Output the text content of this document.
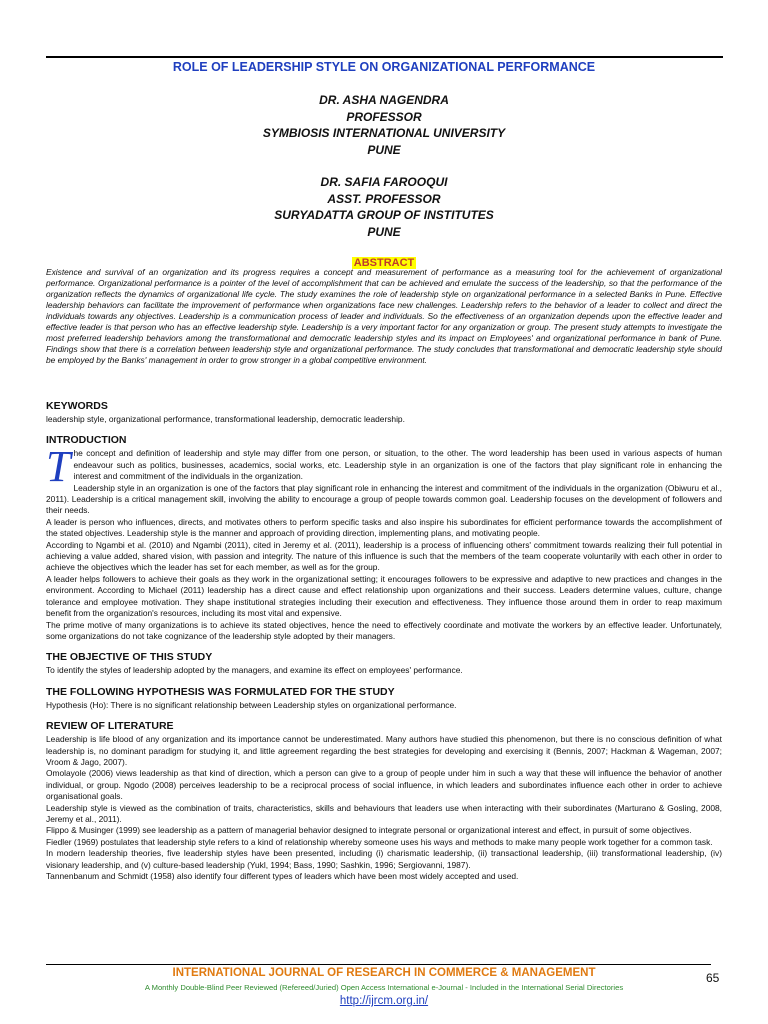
ROLE OF LEADERSHIP STYLE ON ORGANIZATIONAL PERFORMANCE
DR. ASHA NAGENDRA
PROFESSOR
SYMBIOSIS INTERNATIONAL UNIVERSITY
PUNE
DR. SAFIA FAROOQUI
ASST. PROFESSOR
SURYADATTA GROUP OF INSTITUTES
PUNE
ABSTRACT
Existence and survival of an organization and its progress requires a concept and measurement of performance as a measuring tool for the achievement of organizational performance. Organizational performance is a pointer of the level of accomplishment that can be achieved and emulate the success of the leadership, so that the performance of the organization reflects the dynamics of organizational life cycle. The study examines the role of leadership style on organizational performance in a selected Banks in Pune. Effective leadership behaviors can facilitate the improvement of performance when organizations face new challenges. Leadership refers to the behavior of a leader to collect and direct the individuals towards any objectives. Leadership is a communication process of leader and individuals. So the effectiveness of an organization depends upon the effective leader and effective leader is that person who has an effective leadership style. Leadership is a very important factor for any organization or group. The present study attempts to investigate the most preferred leadership behaviors among the transformational and democratic leadership styles and its impact on Employees' and organizational performance in bank of Pune. Findings show that there is a correlation between leadership style and organizational performance. The study concludes that transformational and democratic leadership style should be employed by the Banks' management in order to grow stronger in a global competitive environment.
KEYWORDS

leadership style, organizational performance, transformational leadership, democratic leadership.

INTRODUCTION

The concept and definition of leadership and style may differ from one person, or situation, to the other. The word leadership has been used in various aspects of human endeavour such as politics, businesses, academics, social works, etc. Leadership style in an organization is one of the factors that play significant role in enhancing the interest and commitment of the individuals in the organization.

Leadership style in an organization is one of the factors that play significant role in enhancing the interest and commitment of the individuals in the organization (Obiwuru et al., 2011). Leadership is a critical management skill, involving the ability to encourage a group of people towards common goal. Leadership focuses on the development of followers and their needs.

A leader is person who influences, directs, and motivates others to perform specific tasks and also inspire his subordinates for efficient performance towards the accomplishment of the stated objectives. Leadership style is the manner and approach of providing direction, implementing plans, and motivating people.

According to Ngambi et al. (2010) and Ngambi (2011), cited in Jeremy et al. (2011), leadership is a process of influencing others' commitment towards realizing their full potential in achieving a value added, shared vision, with passion and integrity. The nature of this influence is such that the members of the team cooperate voluntarily with each other in order to achieve the objectives which the leader has set for each member, as well as for the group.

A leader helps followers to achieve their goals as they work in the organizational setting; it encourages followers to be expressive and adaptive to new practices and changes in the environment. According to Michael (2011) leadership has a direct cause and effect relationship upon organizations and their success. Leaders determine values, culture, change tolerance and employee motivation. They shape institutional strategies including their execution and effectiveness. They influence those around them in order to reap maximum benefit from the organization's resources, including its most vital and expensive.

The prime motive of many organizations is to achieve its stated objectives, hence the need to effectively coordinate and motivate the workers by an effective leader. Unfortunately, some organizations do not take cognizance of the leadership style adopted by their managers.

THE OBJECTIVE OF THIS STUDY

To identify the styles of leadership adopted by the managers, and examine its effect on employees' performance.

THE FOLLOWING HYPOTHESIS WAS FORMULATED FOR THE STUDY

Hypothesis (Ho): There is no significant relationship between Leadership styles on organizational performance.

REVIEW OF LITERATURE

Leadership is life blood of any organization and its importance cannot be underestimated. Many authors have studied this phenomenon, but there is no conscious definition of what leadership is, no dominant paradigm for studying it, and little agreement regarding the best strategies for developing and exercising it (Bennis, 2007; Hackman & Wageman, 2007; Vroom & Jago, 2007).

Omolayole (2006) views leadership as that kind of direction, which a person can give to a group of people under him in such a way that these will influence the behavior of another individual, or group. Ngodo (2008) perceives leadership to be a reciprocal process of social influence, in which leaders and subordinates influence each other in order to achieve organisational goals.

Leadership style is viewed as the combination of traits, characteristics, skills and behaviours that leaders use when interacting with their subordinates (Marturano & Gosling, 2008, Jeremy et al., 2011).

Flippo & Musinger (1999) see leadership as a pattern of managerial behavior designed to integrate personal or organizational interest and effect, in pursuit of some objectives.

Fiedler (1969) postulates that leadership style refers to a kind of relationship whereby someone uses his ways and methods to make many people work together for a common task.

In modern leadership theories, five leadership styles have been presented, including (i) charismatic leadership, (ii) transactional leadership, (iii) transformational leadership, (iv) visionary leadership, and (v) culture-based leadership (Yukl, 1994; Bass, 1990; Sashkin, 1996; Sergiovanni, 1987).

Tannenbanum and Schmidt (1958) also identify four different types of leaders which have been most widely accepted and used.

INTERNATIONAL JOURNAL OF RESEARCH IN COMMERCE & MANAGEMENT	65
A Monthly Double-Blind Peer Reviewed (Refereed/Juried) Open Access International e-Journal - Included in the International Serial Directories
http://ijrcm.org.in/
